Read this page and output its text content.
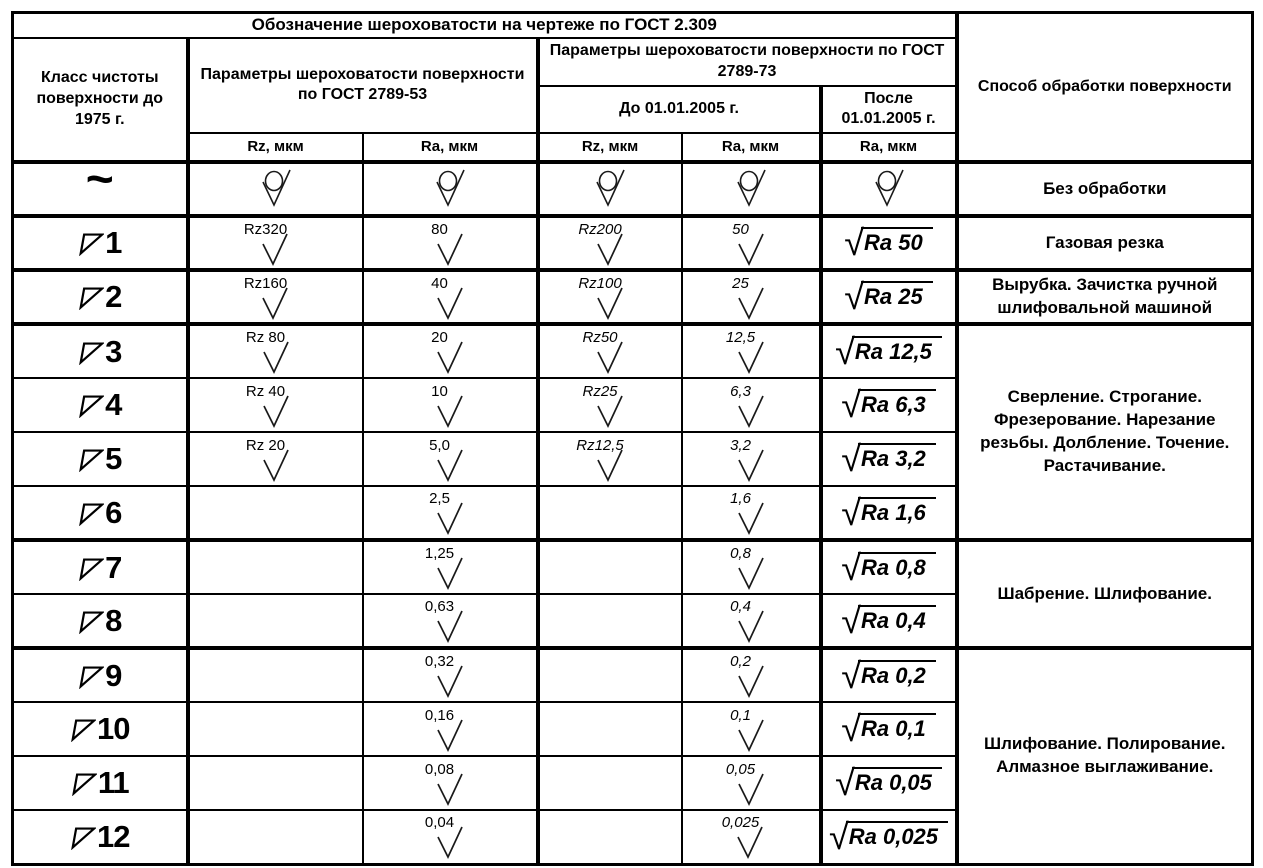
Обозначение шероховатости на чертеже по ГОСТ 2.309						Способ обработки поверхности
Класс чистоты поверхности до 1975 г.	Параметры шероховатости поверхности по ГОСТ 2789-53		Параметры шероховатости поверхности по ГОСТ 2789-73			
			До 01.01.2005 г.		После 01.01.2005 г.	
	Rz, мкм	Ra, мкм	Rz, мкм	Ra, мкм	Ra, мкм	
~						Без обработки

1	Rz320	80	Rz200	50	√ Ra 50	Газовая резка

2	Rz160	40	Rz100	25	√ Ra 25	Вырубка. Зачистка ручной шлифовальной машиной

3	Rz 80	20	Rz50	12,5	√ Ra 12,5	Сверление. Строгание. Фрезерование. Нарезание резьбы. Долбление. Точение. Растачивание.

4	Rz 40	10	Rz25	6,3	√ Ra 6,3	

5	Rz 20	5,0	Rz12,5	3,2	√ Ra 3,2	

6		2,5		1,6	√ Ra 1,6	

7		1,25		0,8	√ Ra 0,8	Шабрение. Шлифование.

8		0,63		0,4	√ Ra 0,4	

9		0,32		0,2	√ Ra 0,2	Шлифование. Полирование. Алмазное выглаживание.

10		0,16		0,1	√ Ra 0,1	

11		0,08		0,05	√ Ra 0,05	

12		0,04		0,025	√ Ra 0,025	
